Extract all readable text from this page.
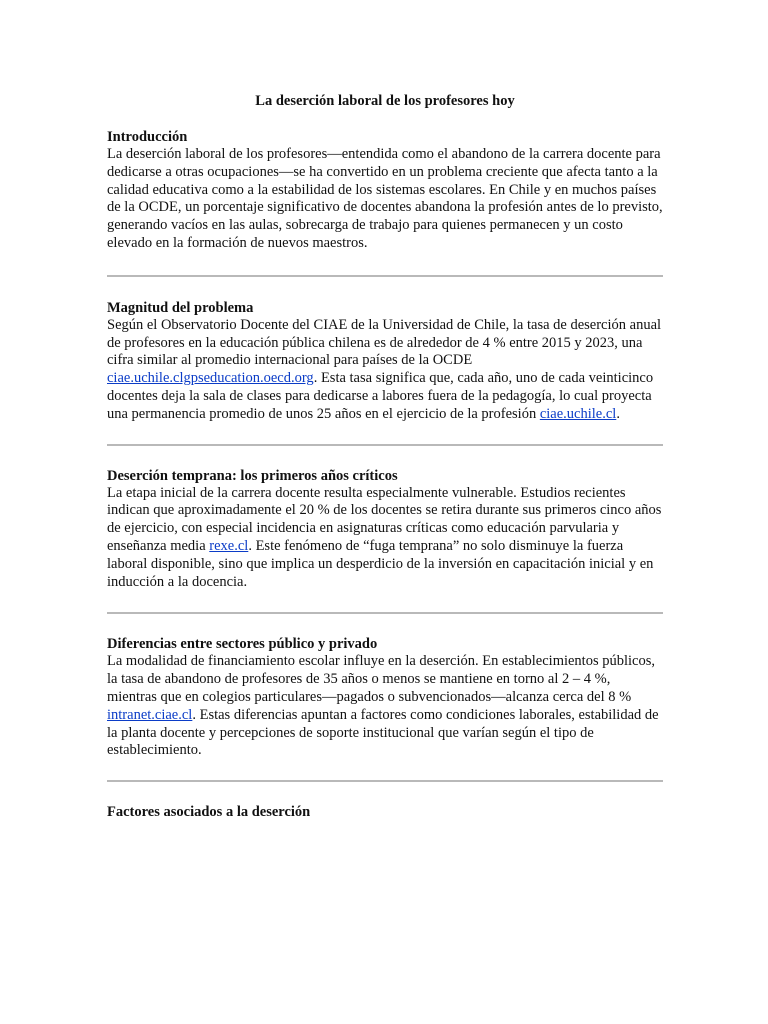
La deserción laboral de los profesores hoy
Introducción

La deserción laboral de los profesores—entendida como el abandono de la carrera docente para dedicarse a otras ocupaciones—se ha convertido en un problema creciente que afecta tanto a la calidad educativa como a la estabilidad de los sistemas escolares. En Chile y en muchos países de la OCDE, un porcentaje significativo de docentes abandona la profesión antes de lo previsto, generando vacíos en las aulas, sobrecarga de trabajo para quienes permanecen y un costo elevado en la formación de nuevos maestros.

Magnitud del problema

Según el Observatorio Docente del CIAE de la Universidad de Chile, la tasa de deserción anual de profesores en la educación pública chilena es de alrededor de 4 % entre 2015 y 2023, una cifra similar al promedio internacional para países de la OCDE ciae.uchile.clgpseducation.oecd.org. Esta tasa significa que, cada año, uno de cada veinticinco docentes deja la sala de clases para dedicarse a labores fuera de la pedagogía, lo cual proyecta una permanencia promedio de unos 25 años en el ejercicio de la profesión ciae.uchile.cl.

Deserción temprana: los primeros años críticos

La etapa inicial de la carrera docente resulta especialmente vulnerable. Estudios recientes indican que aproximadamente el 20 % de los docentes se retira durante sus primeros cinco años de ejercicio, con especial incidencia en asignaturas críticas como educación parvularia y enseñanza media rexe.cl. Este fenómeno de “fuga temprana” no solo disminuye la fuerza laboral disponible, sino que implica un desperdicio de la inversión en capacitación inicial y en inducción a la docencia.

Diferencias entre sectores público y privado

La modalidad de financiamiento escolar influye en la deserción. En establecimientos públicos, la tasa de abandono de profesores de 35 años o menos se mantiene en torno al 2 – 4 %, mientras que en colegios particulares—pagados o subvencionados—alcanza cerca del 8 % intranet.ciae.cl. Estas diferencias apuntan a factores como condiciones laborales, estabilidad de la planta docente y percepciones de soporte institucional que varían según el tipo de establecimiento.

Factores asociados a la deserción
